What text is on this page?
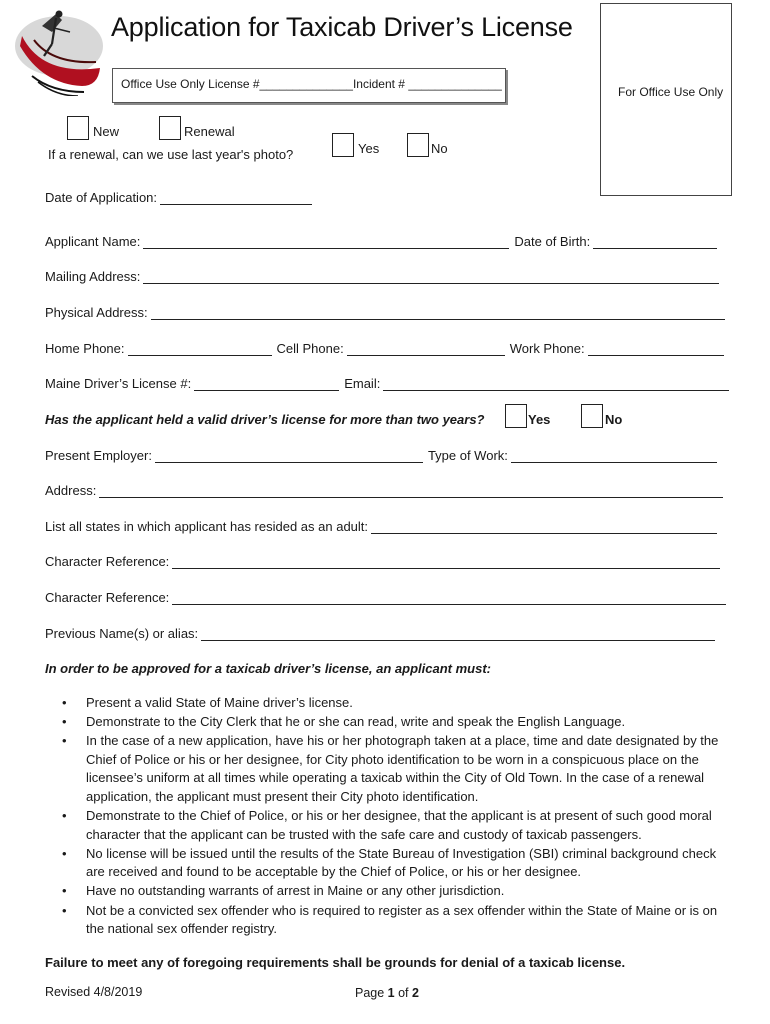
Application for Taxicab Driver’s License
Office Use Only License #______________Incident # ______________
For Office Use Only
New	Renewal
If a renewal, can we use last year's photo?	Yes	No
Date of Application:
Applicant Name:	Date of Birth:
Mailing Address:
Physical Address:
Home Phone:	Cell Phone:	Work Phone:
Maine Driver’s License #:	Email:
Has the applicant held a valid driver’s license for more than two years?	Yes	No
Present Employer:	Type of Work:
Address:
List all states in which applicant has resided as an adult:
Character Reference:
Character Reference:
Previous Name(s) or alias:
In order to be approved for a taxicab driver’s license, an applicant must:
• Present a valid State of Maine driver’s license.
• Demonstrate to the City Clerk that he or she can read, write and speak the English Language.
• In the case of a new application, have his or her photograph taken at a place, time and date designated by the Chief of Police or his or her designee, for City photo identification to be worn in a conspicuous place on the licensee’s uniform at all times while operating a taxicab within the City of Old Town. In the case of a renewal application, the applicant must present their City photo identification.
• Demonstrate to the Chief of Police, or his or her designee, that the applicant is at present of such good moral character that the applicant can be trusted with the safe care and custody of taxicab passengers.
• No license will be issued until the results of the State Bureau of Investigation (SBI) criminal background check are received and found to be acceptable by the Chief of Police, or his or her designee.
• Have no outstanding warrants of arrest in Maine or any other jurisdiction.
• Not be a convicted sex offender who is required to register as a sex offender within the State of Maine or is on the national sex offender registry.
Failure to meet any of foregoing requirements shall be grounds for denial of a taxicab license.
Revised 4/8/2019	Page 1 of 2
